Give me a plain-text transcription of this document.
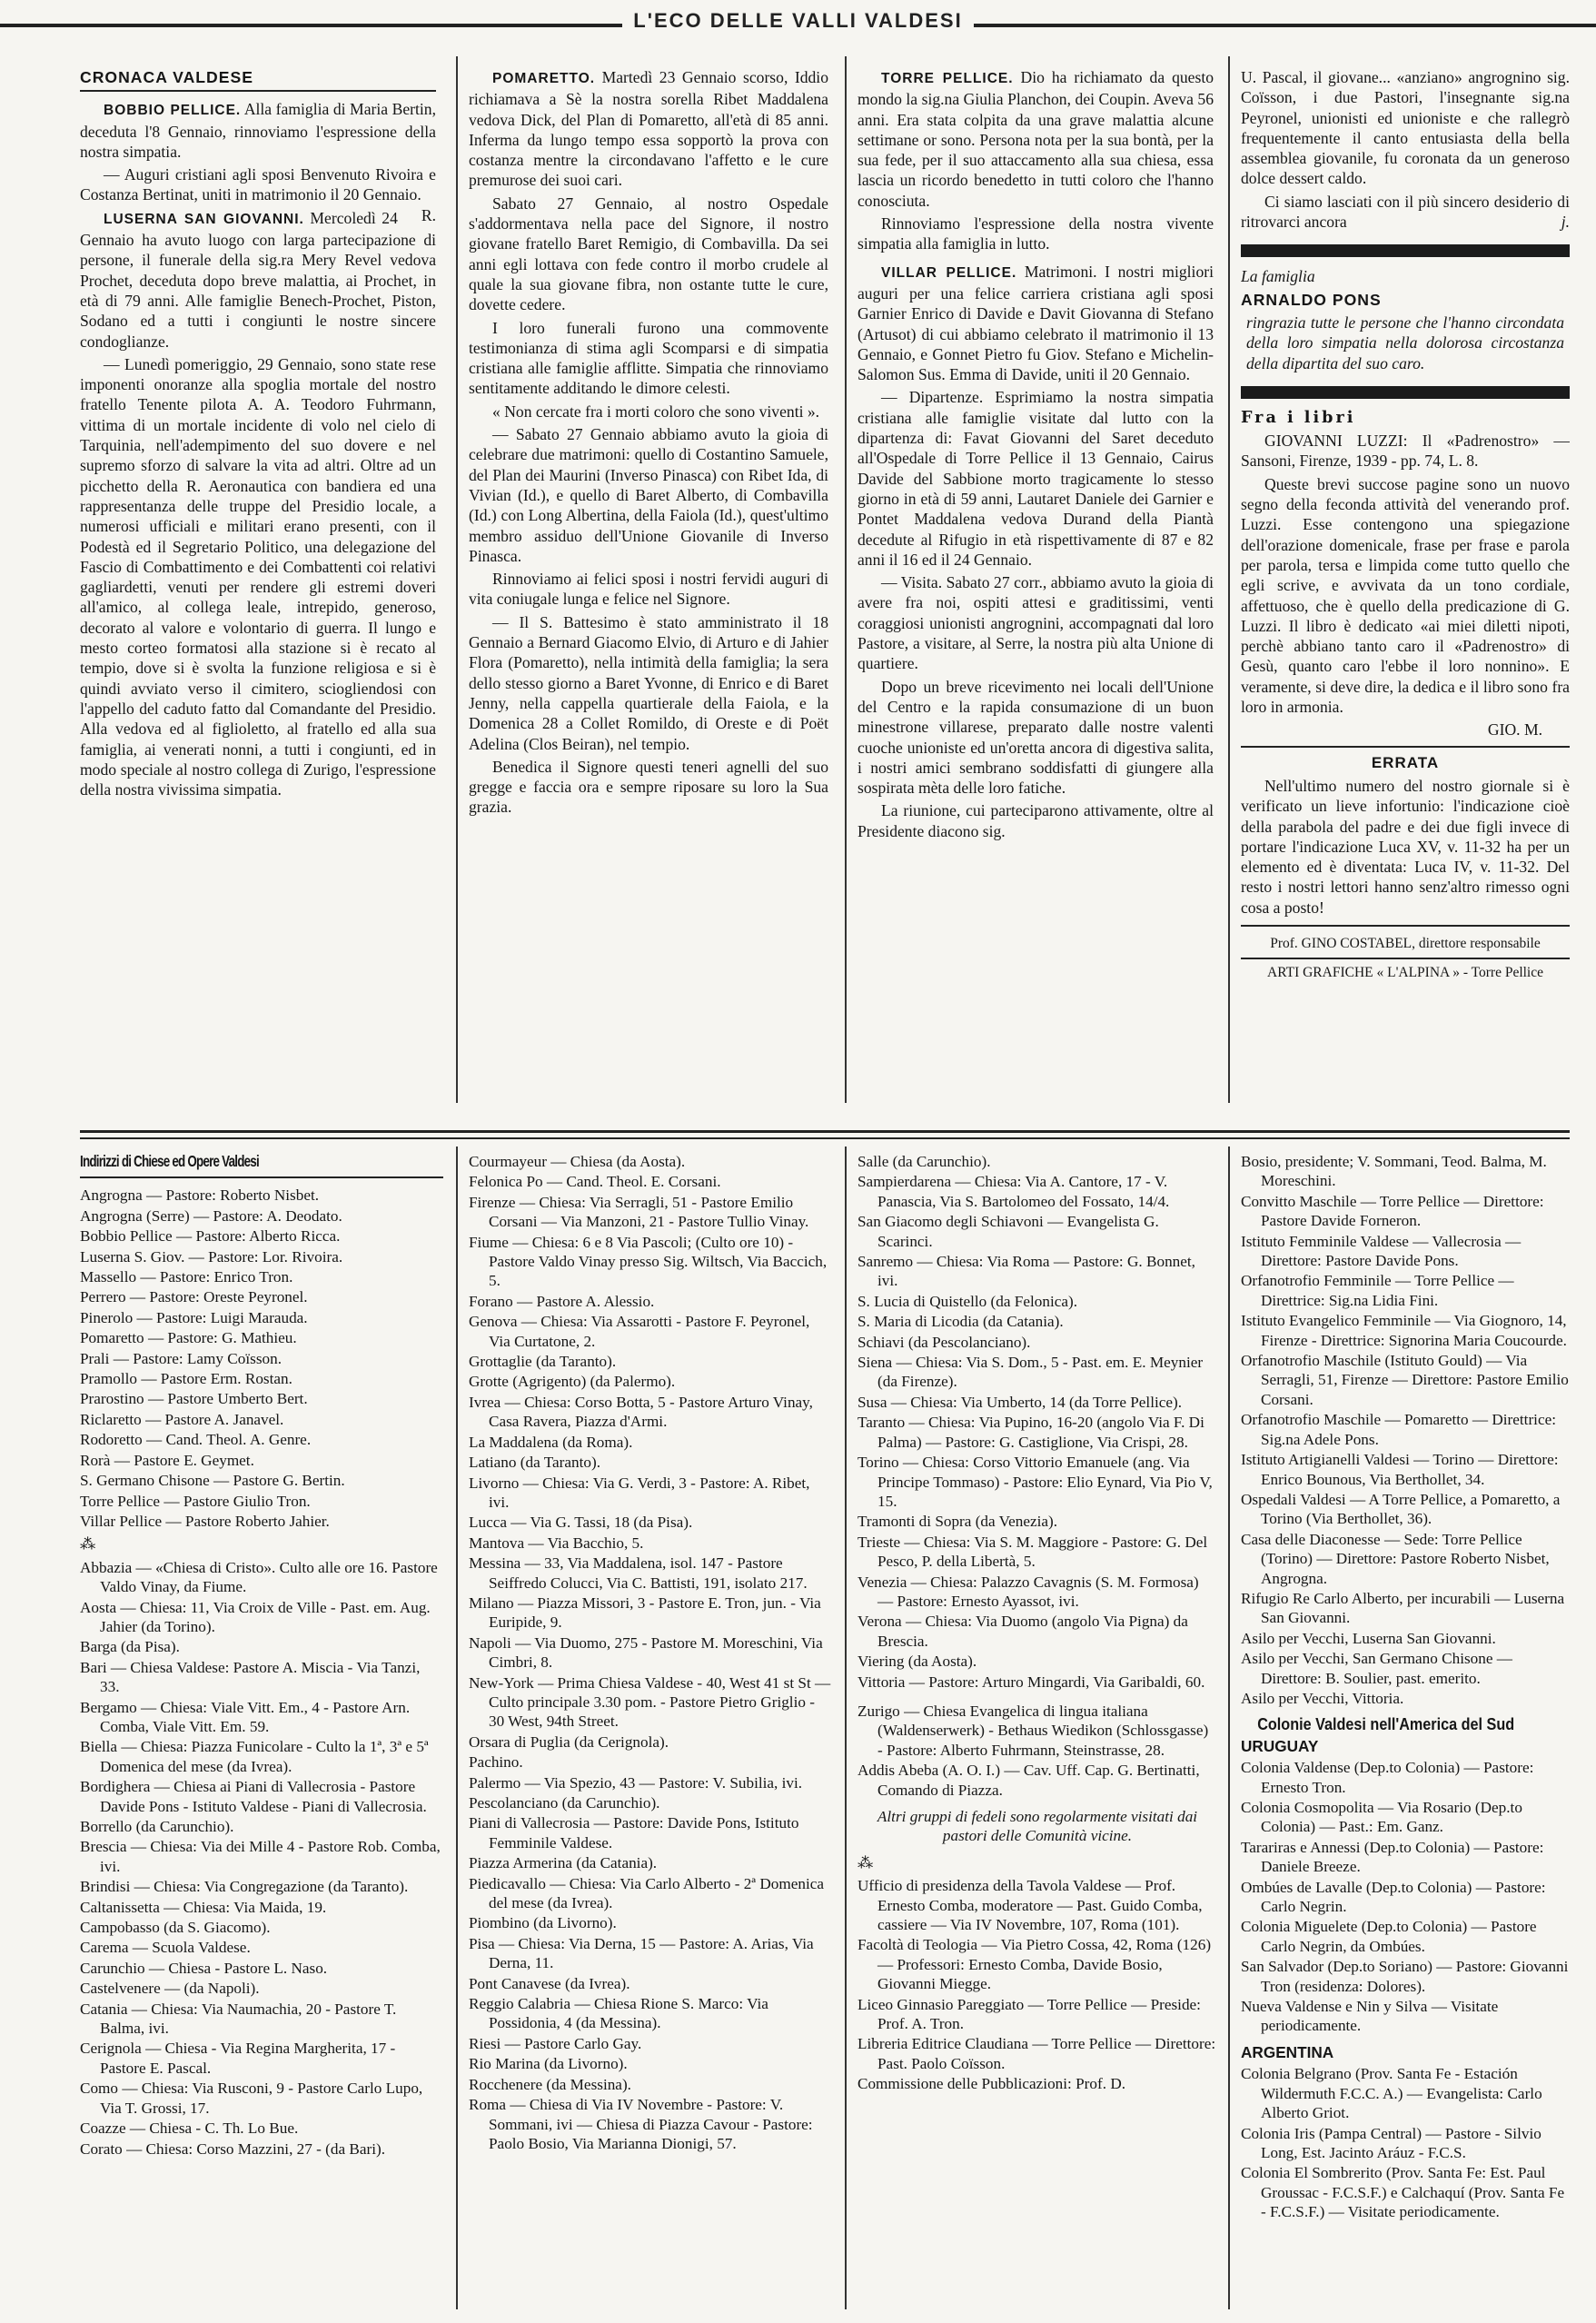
L'ECO DELLE VALLI VALDESI

CRONACA VALDESE

BOBBIO PELLICE. Alla famiglia di Maria Bertin, deceduta l'8 Gennaio, rinnoviamo l'espressione della nostra simpatia.

— Auguri cristiani agli sposi Benvenuto Rivoira e Costanza Bertinat, uniti in matrimonio il 20 Gennaio.
R.

LUSERNA SAN GIOVANNI. Mercoledì 24 Gennaio ha avuto luogo con larga partecipazione di persone, il funerale della sig.ra Mery Revel vedova Prochet, deceduta dopo breve malattia, ai Prochet, in età di 79 anni. Alle famiglie Benech-Prochet, Piston, Sodano ed a tutti i congiunti le nostre sincere condoglianze.

— Lunedì pomeriggio, 29 Gennaio, sono state rese imponenti onoranze alla spoglia mortale del nostro fratello Tenente pilota A. A. Teodoro Fuhrmann, vittima di un mortale incidente di volo nel cielo di Tarquinia, nell'adempimento del suo dovere e nel supremo sforzo di salvare la vita ad altri. Oltre ad un picchetto della R. Aeronautica con bandiera ed una rappresentanza delle truppe del Presidio locale, a numerosi ufficiali e militari erano presenti, con il Podestà ed il Segretario Politico, una delegazione del Fascio di Combattimento e dei Combattenti coi relativi gagliardetti, venuti per rendere gli estremi doveri all'amico, al collega leale, intrepido, generoso, decorato al valore e volontario di guerra. Il lungo e mesto corteo formatosi alla stazione si è recato al tempio, dove si è svolta la funzione religiosa e si è quindi avviato verso il cimitero, sciogliendosi con l'appello del caduto fatto dal Comandante del Presidio. Alla vedova ed al figlioletto, al fratello ed alla sua famiglia, ai venerati nonni, a tutti i congiunti, ed in modo speciale al nostro collega di Zurigo, l'espressione della nostra vivissima simpatia.

POMARETTO. Martedì 23 Gennaio scorso, Iddio richiamava a Sè la nostra sorella Ribet Maddalena vedova Dick, del Plan di Pomaretto, all'età di 85 anni. Inferma da lungo tempo essa sopportò la prova con costanza mentre la circondavano l'affetto e le cure premurose dei suoi cari.

Sabato 27 Gennaio, al nostro Ospedale s'addormentava nella pace del Signore, il nostro giovane fratello Baret Remigio, di Combavilla. Da sei anni egli lottava con fede contro il morbo crudele al quale la sua giovane fibra, non ostante tutte le cure, dovette cedere.

I loro funerali furono una commovente testimonianza di stima agli Scomparsi e di simpatia cristiana alle famiglie afflitte. Simpatia che rinnoviamo sentitamente additando le dimore celesti.

« Non cercate fra i morti coloro che sono viventi ».

— Sabato 27 Gennaio abbiamo avuto la gioia di celebrare due matrimoni: quello di Costantino Samuele, del Plan dei Maurini (Inverso Pinasca) con Ribet Ida, di Vivian (Id.), e quello di Baret Alberto, di Combavilla (Id.) con Long Albertina, della Faiola (Id.), quest'ultimo membro assiduo dell'Unione Giovanile di Inverso Pinasca.

Rinnoviamo ai felici sposi i nostri fervidi auguri di vita coniugale lunga e felice nel Signore.

— Il S. Battesimo è stato amministrato il 18 Gennaio a Bernard Giacomo Elvio, di Arturo e di Jahier Flora (Pomaretto), nella intimità della famiglia; la sera dello stesso giorno a Baret Yvonne, di Enrico e di Baret Jenny, nella cappella quartierale della Faiola, e la Domenica 28 a Collet Romildo, di Oreste e di Poët Adelina (Clos Beiran), nel tempio.

Benedica il Signore questi teneri agnelli del suo gregge e faccia ora e sempre riposare su loro la Sua grazia.

TORRE PELLICE. Dio ha richiamato da questo mondo la sig.na Giulia Planchon, dei Coupin. Aveva 56 anni. Era stata colpita da una grave malattia alcune settimane or sono. Persona nota per la sua bontà, per la sua fede, per il suo attaccamento alla sua chiesa, essa lascia un ricordo benedetto in tutti coloro che l'hanno conosciuta.

Rinnoviamo l'espressione della nostra vivente simpatia alla famiglia in lutto.

VILLAR PELLICE. Matrimoni. I nostri migliori auguri per una felice carriera cristiana agli sposi Garnier Enrico di Davide e Davit Giovanna di Stefano (Artusot) di cui abbiamo celebrato il matrimonio il 13 Gennaio, e Gonnet Pietro fu Giov. Stefano e Michelin-Salomon Sus. Emma di Davide, uniti il 20 Gennaio.

— Dipartenze. Esprimiamo la nostra simpatia cristiana alle famiglie visitate dal lutto con la dipartenza di: Favat Giovanni del Saret deceduto all'Ospedale di Torre Pellice il 13 Gennaio, Cairus Davide del Sabbione morto tragicamente lo stesso giorno in età di 59 anni, Lautaret Daniele dei Garnier e Pontet Maddalena vedova Durand della Piantà decedute al Rifugio in età rispettivamente di 87 e 82 anni il 16 ed il 24 Gennaio.

— Visita. Sabato 27 corr., abbiamo avuto la gioia di avere fra noi, ospiti attesi e graditissimi, venti coraggiosi unionisti angrognini, accompagnati dal loro Pastore, a visitare, al Serre, la nostra più alta Unione di quartiere.

Dopo un breve ricevimento nei locali dell'Unione del Centro e la rapida consumazione di un buon minestrone villarese, preparato dalle nostre valenti cuoche unioniste ed un'oretta ancora di digestiva salita, i nostri amici sembrano soddisfatti di giungere alla sospirata mèta delle loro fatiche.

La riunione, cui parteciparono attivamente, oltre al Presidente diacono sig.

U. Pascal, il giovane... «anziano» angrognino sig. Coïsson, i due Pastori, l'insegnante sig.na Peyronel, unionisti ed unioniste e che rallegrò frequentemente il canto entusiasta della bella assemblea giovanile, fu coronata da un generoso dolce dessert caldo.

Ci siamo lasciati con il più sincero desiderio di ritrovarci ancora	j.

La famiglia

ARNALDO PONS

ringrazia tutte le persone che l'hanno circondata della loro simpatia nella dolorosa circostanza della dipartita del suo caro.

Fra i libri

GIOVANNI LUZZI: Il «Padrenostro» — Sansoni, Firenze, 1939 - pp. 74, L. 8.

Queste brevi succose pagine sono un nuovo segno della feconda attività del venerando prof. Luzzi. Esse contengono una spiegazione dell'orazione domenicale, frase per frase e parola per parola, tersa e limpida come tutto quello che egli scrive, e avvivata da un tono cordiale, affettuoso, che è quello della predicazione di G. Luzzi. Il libro è dedicato «ai miei diletti nipoti, perchè abbiano tanto caro il «Padrenostro» di Gesù, quanto caro l'ebbe il loro nonnino». E veramente, si deve dire, la dedica e il libro sono fra loro in armonia.

GIO. M.

ERRATA

Nell'ultimo numero del nostro giornale si è verificato un lieve infortunio: l'indicazione cioè della parabola del padre e dei due figli invece di portare l'indicazione Luca XV, v. 11-32 ha per un elemento ed è diventata: Luca IV, v. 11-32. Del resto i nostri lettori hanno senz'altro rimesso ogni cosa a posto!

Prof. GINO COSTABEL, direttore responsabile

ARTI GRAFICHE « L'ALPINA » - Torre Pellice

Indirizzi di Chiese ed Opere Valdesi

Angrogna — Pastore: Roberto Nisbet.

Angrogna (Serre) — Pastore: A. Deodato.

Bobbio Pellice — Pastore: Alberto Ricca.

Luserna S. Giov. — Pastore: Lor. Rivoira.

Massello — Pastore: Enrico Tron.

Perrero — Pastore: Oreste Peyronel.

Pinerolo — Pastore: Luigi Marauda.

Pomaretto — Pastore: G. Mathieu.

Prali — Pastore: Lamy Coïsson.

Pramollo — Pastore Erm. Rostan.

Prarostino — Pastore Umberto Bert.

Riclaretto — Pastore A. Janavel.

Rodoretto — Cand. Theol. A. Genre.

Rorà — Pastore E. Geymet.

S. Germano Chisone — Pastore G. Bertin.

Torre Pellice — Pastore Giulio Tron.

Villar Pellice — Pastore Roberto Jahier.

⁂

Abbazia — «Chiesa di Cristo». Culto alle ore 16. Pastore Valdo Vinay, da Fiume.

Aosta — Chiesa: 11, Via Croix de Ville - Past. em. Aug. Jahier (da Torino).

Barga (da Pisa).

Bari — Chiesa Valdese: Pastore A. Miscia - Via Tanzi, 33.

Bergamo — Chiesa: Viale Vitt. Em., 4 - Pastore Arn. Comba, Viale Vitt. Em. 59.

Biella — Chiesa: Piazza Funicolare - Culto la 1ª, 3ª e 5ª Domenica del mese (da Ivrea).

Bordighera — Chiesa ai Piani di Vallecrosia - Pastore Davide Pons - Istituto Valdese - Piani di Vallecrosia.

Borrello (da Carunchio).

Brescia — Chiesa: Via dei Mille 4 - Pastore Rob. Comba, ivi.

Brindisi — Chiesa: Via Congregazione (da Taranto).

Caltanissetta — Chiesa: Via Maida, 19.

Campobasso (da S. Giacomo).

Carema — Scuola Valdese.

Carunchio — Chiesa - Pastore L. Naso.

Castelvenere — (da Napoli).

Catania — Chiesa: Via Naumachia, 20 - Pastore T. Balma, ivi.

Cerignola — Chiesa - Via Regina Margherita, 17 - Pastore E. Pascal.

Como — Chiesa: Via Rusconi, 9 - Pastore Carlo Lupo, Via T. Grossi, 17.

Coazze — Chiesa - C. Th. Lo Bue.

Corato — Chiesa: Corso Mazzini, 27 - (da Bari).

Courmayeur — Chiesa (da Aosta).

Felonica Po — Cand. Theol. E. Corsani.

Firenze — Chiesa: Via Serragli, 51 - Pastore Emilio Corsani — Via Manzoni, 21 - Pastore Tullio Vinay.

Fiume — Chiesa: 6 e 8 Via Pascoli; (Culto ore 10) - Pastore Valdo Vinay presso Sig. Wiltsch, Via Baccich, 5.

Forano — Pastore A. Alessio.

Genova — Chiesa: Via Assarotti - Pastore F. Peyronel, Via Curtatone, 2.

Grottaglie (da Taranto).

Grotte (Agrigento) (da Palermo).

Ivrea — Chiesa: Corso Botta, 5 - Pastore Arturo Vinay, Casa Ravera, Piazza d'Armi.

La Maddalena (da Roma).

Latiano (da Taranto).

Livorno — Chiesa: Via G. Verdi, 3 - Pastore: A. Ribet, ivi.

Lucca — Via G. Tassi, 18 (da Pisa).

Mantova — Via Bacchio, 5.

Messina — 33, Via Maddalena, isol. 147 - Pastore Seiffredo Colucci, Via C. Battisti, 191, isolato 217.

Milano — Piazza Missori, 3 - Pastore E. Tron, jun. - Via Euripide, 9.

Napoli — Via Duomo, 275 - Pastore M. Moreschini, Via Cimbri, 8.

New-York — Prima Chiesa Valdese - 40, West 41 st St — Culto principale 3.30 pom. - Pastore Pietro Griglio - 30 West, 94th Street.

Orsara di Puglia (da Cerignola).

Pachino.

Palermo — Via Spezio, 43 — Pastore: V. Subilia, ivi.

Pescolanciano (da Carunchio).

Piani di Vallecrosia — Pastore: Davide Pons, Istituto Femminile Valdese.

Piazza Armerina (da Catania).

Piedicavallo — Chiesa: Via Carlo Alberto - 2ª Domenica del mese (da Ivrea).

Piombino (da Livorno).

Pisa — Chiesa: Via Derna, 15 — Pastore: A. Arias, Via Derna, 11.

Pont Canavese (da Ivrea).

Reggio Calabria — Chiesa Rione S. Marco: Via Possidonia, 4 (da Messina).

Riesi — Pastore Carlo Gay.

Rio Marina (da Livorno).

Rocchenere (da Messina).

Roma — Chiesa di Via IV Novembre - Pastore: V. Sommani, ivi — Chiesa di Piazza Cavour - Pastore: Paolo Bosio, Via Marianna Dionigi, 57.

Salle (da Carunchio).

Sampierdarena — Chiesa: Via A. Cantore, 17 - V. Panascia, Via S. Bartolomeo del Fossato, 14/4.

San Giacomo degli Schiavoni — Evangelista G. Scarinci.

Sanremo — Chiesa: Via Roma — Pastore: G. Bonnet, ivi.

S. Lucia di Quistello (da Felonica).

S. Maria di Licodia (da Catania).

Schiavi (da Pescolanciano).

Siena — Chiesa: Via S. Dom., 5 - Past. em. E. Meynier (da Firenze).

Susa — Chiesa: Via Umberto, 14 (da Torre Pellice).

Taranto — Chiesa: Via Pupino, 16-20 (angolo Via F. Di Palma) — Pastore: G. Castiglione, Via Crispi, 28.

Torino — Chiesa: Corso Vittorio Emanuele (ang. Via Principe Tommaso) - Pastore: Elio Eynard, Via Pio V, 15.

Tramonti di Sopra (da Venezia).

Trieste — Chiesa: Via S. M. Maggiore - Pastore: G. Del Pesco, P. della Libertà, 5.

Venezia — Chiesa: Palazzo Cavagnis (S. M. Formosa) — Pastore: Ernesto Ayassot, ivi.

Verona — Chiesa: Via Duomo (angolo Via Pigna) da Brescia.

Viering (da Aosta).

Vittoria — Pastore: Arturo Mingardi, Via Garibaldi, 60.

Zurigo — Chiesa Evangelica di lingua italiana (Waldenserwerk) - Bethaus Wiedikon (Schlossgasse) - Pastore: Alberto Fuhrmann, Steinstrasse, 28.

Addis Abeba (A. O. I.) — Cav. Uff. Cap. G. Bertinatti, Comando di Piazza.

Altri gruppi di fedeli sono regolarmente visitati dai pastori delle Comunità vicine.

⁂

Ufficio di presidenza della Tavola Valdese — Prof. Ernesto Comba, moderatore — Past. Guido Comba, cassiere — Via IV Novembre, 107, Roma (101).

Facoltà di Teologia — Via Pietro Cossa, 42, Roma (126) — Professori: Ernesto Comba, Davide Bosio, Giovanni Miegge.

Liceo Ginnasio Pareggiato — Torre Pellice — Preside: Prof. A. Tron.

Libreria Editrice Claudiana — Torre Pellice — Direttore: Past. Paolo Coïsson.

Commissione delle Pubblicazioni: Prof. D.

Bosio, presidente; V. Sommani, Teod. Balma, M. Moreschini.

Convitto Maschile — Torre Pellice — Direttore: Pastore Davide Forneron.

Istituto Femminile Valdese — Vallecrosia — Direttore: Pastore Davide Pons.

Orfanotrofio Femminile — Torre Pellice — Direttrice: Sig.na Lidia Fini.

Istituto Evangelico Femminile — Via Giognoro, 14, Firenze - Direttrice: Signorina Maria Coucourde.

Orfanotrofio Maschile (Istituto Gould) — Via Serragli, 51, Firenze — Direttore: Pastore Emilio Corsani.

Orfanotrofio Maschile — Pomaretto — Direttrice: Sig.na Adele Pons.

Istituto Artigianelli Valdesi — Torino — Direttore: Enrico Bounous, Via Berthollet, 34.

Ospedali Valdesi — A Torre Pellice, a Pomaretto, a Torino (Via Berthollet, 36).

Casa delle Diaconesse — Sede: Torre Pellice (Torino) — Direttore: Pastore Roberto Nisbet, Angrogna.

Rifugio Re Carlo Alberto, per incurabili — Luserna San Giovanni.

Asilo per Vecchi, Luserna San Giovanni.

Asilo per Vecchi, San Germano Chisone — Direttore: B. Soulier, past. emerito.

Asilo per Vecchi, Vittoria.

Colonie Valdesi nell'America del Sud

URUGUAY

Colonia Valdense (Dep.to Colonia) — Pastore: Ernesto Tron.

Colonia Cosmopolita — Via Rosario (Dep.to Colonia) — Past.: Em. Ganz.

Tarariras e Annessi (Dep.to Colonia) — Pastore: Daniele Breeze.

Ombúes de Lavalle (Dep.to Colonia) — Pastore: Carlo Negrin.

Colonia Miguelete (Dep.to Colonia) — Pastore Carlo Negrin, da Ombúes.

San Salvador (Dep.to Soriano) — Pastore: Giovanni Tron (residenza: Dolores).

Nueva Valdense e Nin y Silva — Visitate periodicamente.

ARGENTINA

Colonia Belgrano (Prov. Santa Fe - Estación Wildermuth F.C.C. A.) — Evangelista: Carlo Alberto Griot.

Colonia Iris (Pampa Central) — Pastore - Silvio Long, Est. Jacinto Aráuz - F.C.S.

Colonia El Sombrerito (Prov. Santa Fe: Est. Paul Groussac - F.C.S.F.) e Calchaquí (Prov. Santa Fe - F.C.S.F.) — Visitate periodicamente.
